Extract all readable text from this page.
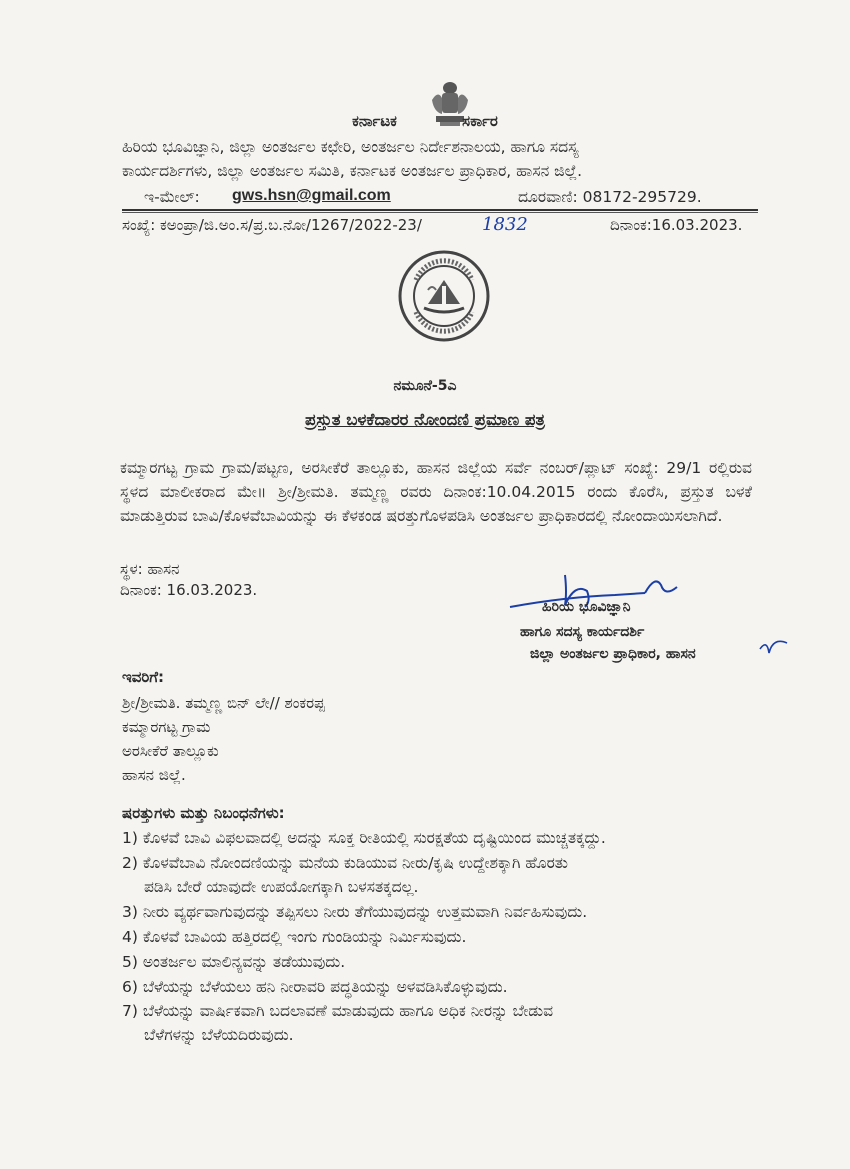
ಕರ್ನಾಟಕ	ಸರ್ಕಾರ
ಹಿರಿಯ ಭೂವಿಜ್ಞಾನಿ, ಜಿಲ್ಲಾ ಅಂತರ್ಜಲ ಕಛೇರಿ, ಅಂತರ್ಜಲ ನಿರ್ದೇಶನಾಲಯ, ಹಾಗೂ ಸದಸ್ಯ
ಕಾರ್ಯದರ್ಶಿಗಳು, ಜಿಲ್ಲಾ ಅಂತರ್ಜಲ ಸಮಿತಿ, ಕರ್ನಾಟಕ ಅಂತರ್ಜಲ ಪ್ರಾಧಿಕಾರ, ಹಾಸನ ಜಿಲ್ಲೆ.
ಇ-ಮೇಲ್: gws.hsn@gmail.com	ದೂರವಾಣಿ: 08172-295729.
ಸಂಖ್ಯೆ: ಕಅಂಪ್ರಾ/ಜಿ.ಅಂ.ಸ/ಪ್ರ.ಬ.ನೋ/1267/2022-23/	1832	ದಿನಾಂಕ:16.03.2023.
ನಮೂನೆ-5ಎ
ಪ್ರಸ್ತುತ ಬಳಕೆದಾರರ ನೋಂದಣಿ ಪ್ರಮಾಣ ಪತ್ರ
ಕಮ್ಮಾರಗಟ್ಟ ಗ್ರಾಮ ಗ್ರಾಮ/ಪಟ್ಟಣ, ಅರಸೀಕೆರೆ ತಾಲ್ಲೂಕು, ಹಾಸನ ಜಿಲ್ಲೆಯ ಸರ್ವೆ ನಂಬರ್/ಪ್ಲಾಟ್ ಸಂಖ್ಯೆ: 29/1 ರಲ್ಲಿರುವ ಸ್ಥಳದ ಮಾಲೀಕರಾದ ಮೇ॥ ಶ್ರೀ/ಶ್ರೀಮತಿ. ತಮ್ಮಣ್ಣ ರವರು ದಿನಾಂಕ:10.04.2015 ರಂದು ಕೊರೆಸಿ, ಪ್ರಸ್ತುತ ಬಳಕೆ ಮಾಡುತ್ತಿರುವ ಬಾವಿ/ಕೊಳವೆಬಾವಿಯನ್ನು ಈ ಕೆಳಕಂಡ ಷರತ್ತುಗೊಳಪಡಿಸಿ ಅಂತರ್ಜಲ ಪ್ರಾಧಿಕಾರದಲ್ಲಿ ನೋಂದಾಯಿಸಲಾಗಿದೆ.
ಸ್ಥಳ: ಹಾಸನ
ದಿನಾಂಕ: 16.03.2023.
ಹಿರಿಯ ಭೂವಿಜ್ಞಾನಿ
ಹಾಗೂ ಸದಸ್ಯ ಕಾರ್ಯದರ್ಶಿ
ಜಿಲ್ಲಾ ಅಂತರ್ಜಲ ಪ್ರಾಧಿಕಾರ, ಹಾಸನ
ಇವರಿಗೆ:
ಶ್ರೀ/ಶ್ರೀಮತಿ. ತಮ್ಮಣ್ಣ ಬಿನ್ ಲೇ// ಶಂಕರಪ್ಪ
ಕಮ್ಮಾರಗಟ್ಟ ಗ್ರಾಮ
ಅರಸೀಕೆರೆ ತಾಲ್ಲೂಕು
ಹಾಸನ ಜಿಲ್ಲೆ.
ಷರತ್ತುಗಳು ಮತ್ತು ನಿಬಂಧನೆಗಳು:
1) ಕೊಳವೆ ಬಾವಿ ವಿಫಲವಾದಲ್ಲಿ ಅದನ್ನು ಸೂಕ್ತ ರೀತಿಯಲ್ಲಿ ಸುರಕ್ಷತೆಯ ದೃಷ್ಟಿಯಿಂದ ಮುಚ್ಚತಕ್ಕದ್ದು.
2) ಕೊಳವೆಬಾವಿ ನೋಂದಣಿಯನ್ನು ಮನೆಯ ಕುಡಿಯುವ ನೀರು/ಕೃಷಿ ಉದ್ದೇಶಕ್ಕಾಗಿ ಹೊರತು
ಪಡಿಸಿ ಬೇರೆ ಯಾವುದೇ ಉಪಯೋಗಕ್ಕಾಗಿ ಬಳಸತಕ್ಕದಲ್ಲ.
3) ನೀರು ವ್ಯರ್ಥವಾಗುವುದನ್ನು ತಪ್ಪಿಸಲು ನೀರು ತೆಗೆಯುವುದನ್ನು ಉತ್ತಮವಾಗಿ ನಿರ್ವಹಿಸುವುದು.
4) ಕೊಳವೆ ಬಾವಿಯ ಹತ್ತಿರದಲ್ಲಿ ಇಂಗು ಗುಂಡಿಯನ್ನು ನಿರ್ಮಿಸುವುದು.
5) ಅಂತರ್ಜಲ ಮಾಲಿನ್ಯವನ್ನು ತಡೆಯುವುದು.
6) ಬೆಳೆಯನ್ನು ಬೆಳೆಯಲು ಹನಿ ನೀರಾವರಿ ಪದ್ಧತಿಯನ್ನು ಅಳವಡಿಸಿಕೊಳ್ಳುವುದು.
7) ಬೆಳೆಯನ್ನು ವಾರ್ಷಿಕವಾಗಿ ಬದಲಾವಣೆ ಮಾಡುವುದು ಹಾಗೂ ಅಧಿಕ ನೀರನ್ನು ಬೇಡುವ
ಬೆಳೆಗಳನ್ನು ಬೆಳೆಯದಿರುವುದು.
